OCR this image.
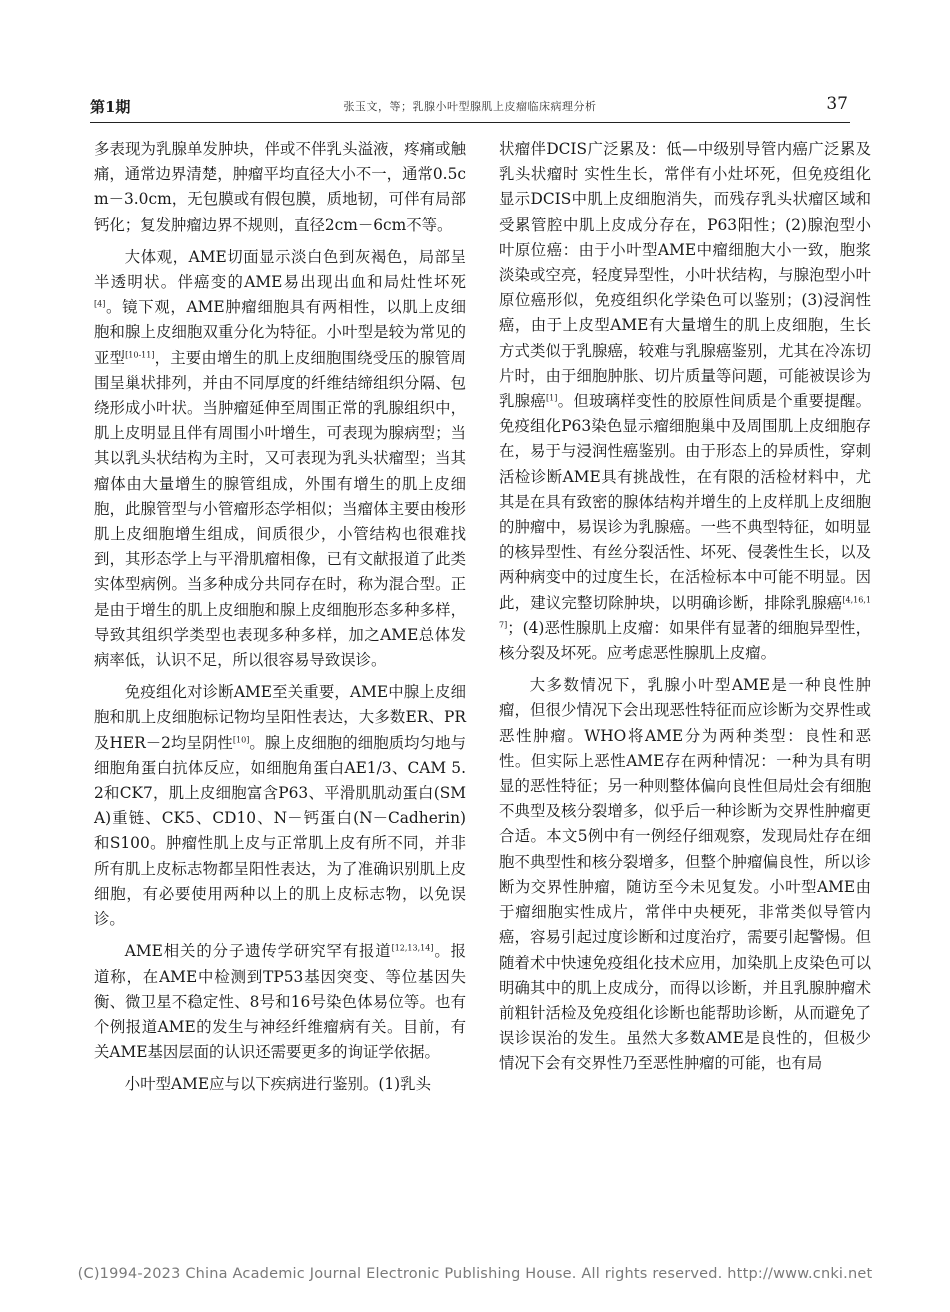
第1期	张玉文，等；乳腺小叶型腺肌上皮瘤临床病理分析	37

多表现为乳腺单发肿块，伴或不伴乳头溢液，疼痛或触痛，通常边界清楚，肿瘤平均直径大小不一，通常0.5cm－3.0cm，无包膜或有假包膜，质地韧，可伴有局部钙化；复发肿瘤边界不规则，直径2cm－6cm不等。

大体观，AME切面显示淡白色到灰褐色，局部呈半透明状。伴癌变的AME易出现出血和局灶性坏死[4]。镜下观，AME肿瘤细胞具有两相性，以肌上皮细胞和腺上皮细胞双重分化为特征。小叶型是较为常见的亚型[10-11]，主要由增生的肌上皮细胞围绕受压的腺管周围呈巢状排列，并由不同厚度的纤维结缔组织分隔、包绕形成小叶状。当肿瘤延伸至周围正常的乳腺组织中，肌上皮明显且伴有周围小叶增生，可表现为腺病型；当其以乳头状结构为主时，又可表现为乳头状瘤型；当其瘤体由大量增生的腺管组成，外围有增生的肌上皮细胞，此腺管型与小管瘤形态学相似；当瘤体主要由梭形肌上皮细胞增生组成，间质很少，小管结构也很难找到，其形态学上与平滑肌瘤相像，已有文献报道了此类实体型病例。当多种成分共同存在时，称为混合型。正是由于增生的肌上皮细胞和腺上皮细胞形态多种多样，导致其组织学类型也表现多种多样，加之AME总体发病率低，认识不足，所以很容易导致误诊。

免疫组化对诊断AME至关重要，AME中腺上皮细胞和肌上皮细胞标记物均呈阳性表达，大多数ER、PR及HER－2均呈阴性[10]。腺上皮细胞的细胞质均匀地与细胞角蛋白抗体反应，如细胞角蛋白AE1/3、CAM 5.2和CK7，肌上皮细胞富含P63、平滑肌肌动蛋白(SMA)重链、CK5、CD10、N－钙蛋白(N－Cadherin)和S100。肿瘤性肌上皮与正常肌上皮有所不同，并非所有肌上皮标志物都呈阳性表达，为了准确识别肌上皮细胞，有必要使用两种以上的肌上皮标志物，以免误诊。

AME相关的分子遗传学研究罕有报道[12,13,14]。报道称，在AME中检测到TP53基因突变、等位基因失衡、微卫星不稳定性、8号和16号染色体易位等。也有个例报道AME的发生与神经纤维瘤病有关。目前，有关AME基因层面的认识还需要更多的询证学依据。

小叶型AME应与以下疾病进行鉴别。(1)乳头

状瘤伴DCIS广泛累及：低—中级别导管内癌广泛累及乳头状瘤时 实性生长，常伴有小灶坏死，但免疫组化显示DCIS中肌上皮细胞消失，而残存乳头状瘤区域和受累管腔中肌上皮成分存在，P63阳性；(2)腺泡型小叶原位癌：由于小叶型AME中瘤细胞大小一致，胞浆淡染或空亮，轻度异型性，小叶状结构，与腺泡型小叶原位癌形似，免疫组织化学染色可以鉴别；(3)浸润性癌，由于上皮型AME有大量增生的肌上皮细胞，生长方式类似于乳腺癌，较难与乳腺癌鉴别，尤其在冷冻切片时，由于细胞肿胀、切片质量等问题，可能被误诊为乳腺癌[1]。但玻璃样变性的胶原性间质是个重要提醒。免疫组化P63染色显示瘤细胞巢中及周围肌上皮细胞存在，易于与浸润性癌鉴别。由于形态上的异质性，穿刺活检诊断AME具有挑战性，在有限的活检材料中，尤其是在具有致密的腺体结构并增生的上皮样肌上皮细胞的肿瘤中，易误诊为乳腺癌。一些不典型特征，如明显的核异型性、有丝分裂活性、坏死、侵袭性生长，以及两种病变中的过度生长，在活检标本中可能不明显。因此，建议完整切除肿块，以明确诊断，排除乳腺癌[4,16,17]；(4)恶性腺肌上皮瘤：如果伴有显著的细胞异型性，核分裂及坏死。应考虑恶性腺肌上皮瘤。

大多数情况下，乳腺小叶型AME是一种良性肿瘤，但很少情况下会出现恶性特征而应诊断为交界性或恶性肿瘤。WHO将AME分为两种类型：良性和恶性。但实际上恶性AME存在两种情况：一种为具有明显的恶性特征；另一种则整体偏向良性但局灶会有细胞不典型及核分裂增多，似乎后一种诊断为交界性肿瘤更合适。本文5例中有一例经仔细观察，发现局灶存在细胞不典型性和核分裂增多，但整个肿瘤偏良性，所以诊断为交界性肿瘤，随访至今未见复发。小叶型AME由于瘤细胞实性成片，常伴中央梗死，非常类似导管内癌，容易引起过度诊断和过度治疗，需要引起警惕。但随着术中快速免疫组化技术应用，加染肌上皮染色可以明确其中的肌上皮成分，而得以诊断，并且乳腺肿瘤术前粗针活检及免疫组化诊断也能帮助诊断，从而避免了误诊误治的发生。虽然大多数AME是良性的，但极少情况下会有交界性乃至恶性肿瘤的可能，也有局

(C)1994-2023 China Academic Journal Electronic Publishing House. All rights reserved. http://www.cnki.net
